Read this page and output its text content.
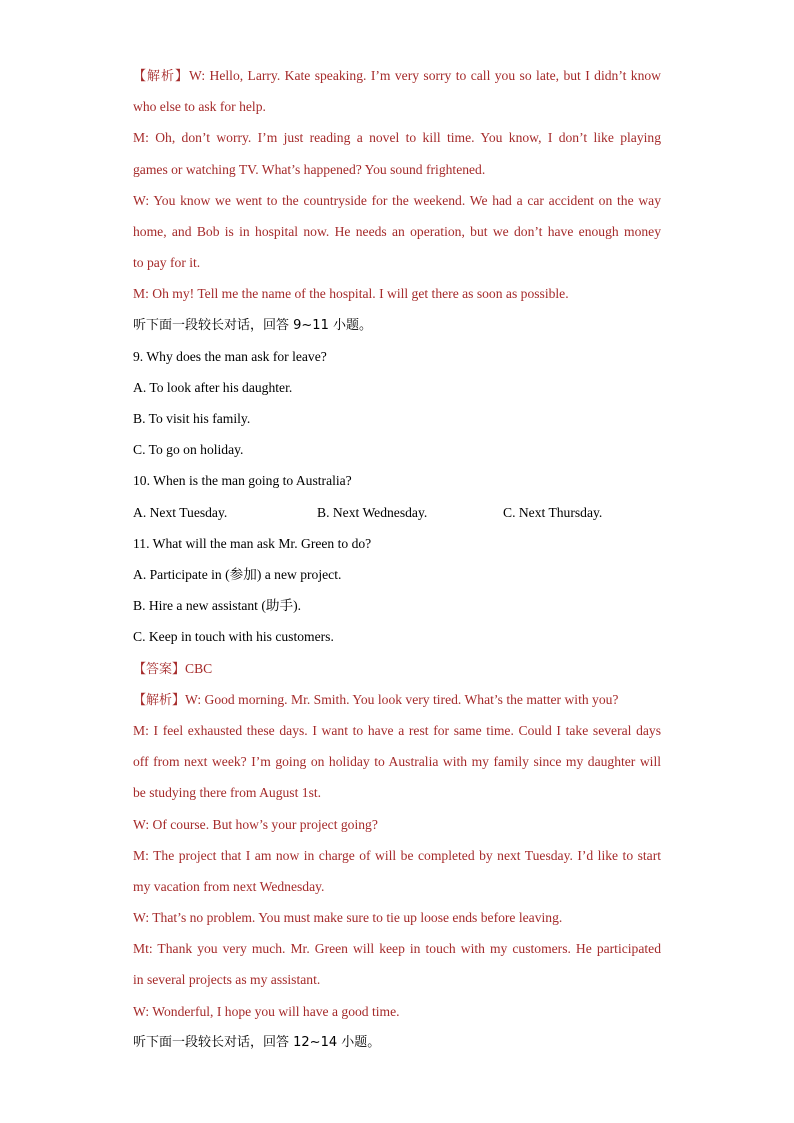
【解析】W: Hello, Larry. Kate speaking. I’m very sorry to call you so late, but I didn’t know
who else to ask for help.
M: Oh, don’t worry. I’m just reading a novel to kill time. You know, I don’t like playing
games or watching TV. What’s happened? You sound frightened.
W: You know we went to the countryside for the weekend. We had a car accident on the way
home, and Bob is in hospital now. He needs an operation, but we don’t have enough money
to pay for it.
M: Oh my! Tell me the name of the hospital. I will get there as soon as possible.
听下面一段较长对话，回答 9~11 小题。
9. Why does the man ask for leave?
A. To look after his daughter.
B. To visit his family.
C. To go on holiday.
10. When is the man going to Australia?
A. Next Tuesday.	B. Next Wednesday.	C. Next Thursday.
11. What will the man ask Mr. Green to do?
A. Participate in (参加) a new project.
B. Hire a new assistant (助手).
C. Keep in touch with his customers.
【答案】CBC
【解析】W: Good morning. Mr. Smith. You look very tired. What’s the matter with you?
M: I feel exhausted these days. I want to have a rest for same time. Could I take several days
off from next week? I’m going on holiday to Australia with my family since my daughter will
be studying there from August 1st.
W: Of course. But how’s your project going?
M: The project that I am now in charge of will be completed by next Tuesday. I’d like to start
my vacation from next Wednesday.
W: That’s no problem. You must make sure to tie up loose ends before leaving.
Mt: Thank you very much. Mr. Green will keep in touch with my customers. He participated
in several projects as my assistant.
W: Wonderful, I hope you will have a good time.
听下面一段较长对话，回答 12~14 小题。
